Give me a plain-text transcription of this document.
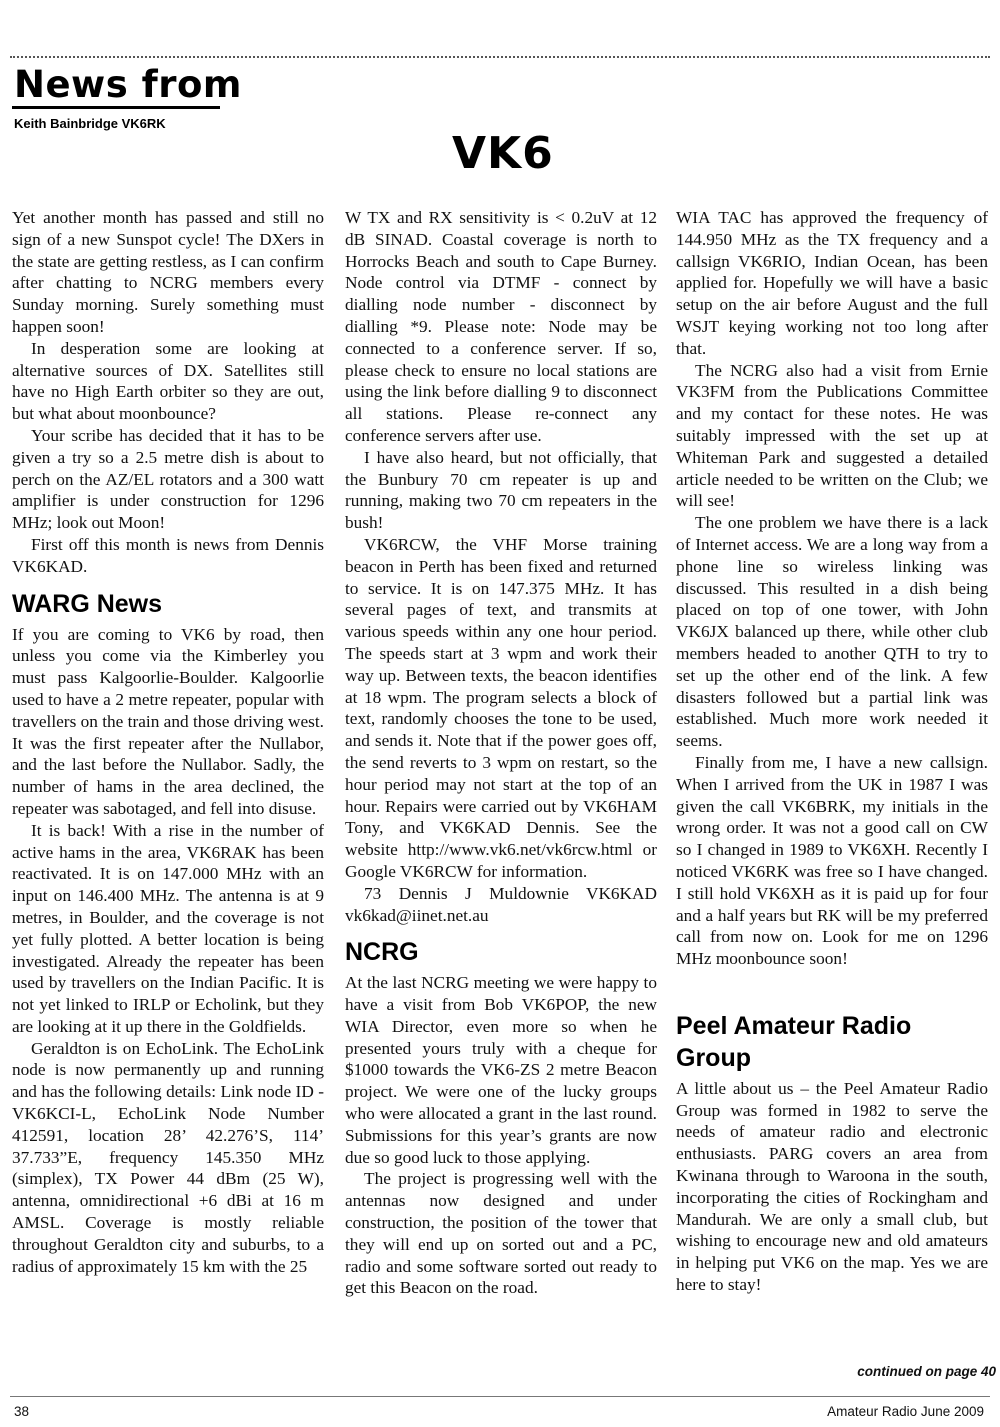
News from
Keith Bainbridge VK6RK
VK6

Yet another month has passed and still no sign of a new Sunspot cycle! The DXers in the state are getting restless, as I can confirm after chatting to NCRG members every Sunday morning. Surely something must happen soon!

In desperation some are looking at alternative sources of DX. Satellites still have no High Earth orbiter so they are out, but what about moonbounce?

Your scribe has decided that it has to be given a try so a 2.5 metre dish is about to perch on the AZ/EL rotators and a 300 watt amplifier is under construction for 1296 MHz; look out Moon!

First off this month is news from Dennis VK6KAD.

WARG News

If you are coming to VK6 by road, then unless you come via the Kimberley you must pass Kalgoorlie-Boulder. Kalgoorlie used to have a 2 metre repeater, popular with travellers on the train and those driving west. It was the first repeater after the Nullabor, and the last before the Nullabor. Sadly, the number of hams in the area declined, the repeater was sabotaged, and fell into disuse.

It is back! With a rise in the number of active hams in the area, VK6RAK has been reactivated. It is on 147.000 MHz with an input on 146.400 MHz. The antenna is at 9 metres, in Boulder, and the coverage is not yet fully plotted. A better location is being investigated. Already the repeater has been used by travellers on the Indian Pacific. It is not yet linked to IRLP or Echolink, but they are looking at it up there in the Goldfields.

Geraldton is on EchoLink. The EchoLink node is now permanently up and running and has the following details: Link node ID - VK6KCI-L, EchoLink Node Number 412591, location 28’ 42.276’S, 114’ 37.733”E, frequency 145.350 MHz (simplex), TX Power 44 dBm (25 W), antenna, omnidirectional +6 dBi at 16 m AMSL. Coverage is mostly reliable throughout Geraldton city and suburbs, to a radius of approximately 15 km with the 25

W TX and RX sensitivity is < 0.2uV at 12 dB SINAD. Coastal coverage is north to Horrocks Beach and south to Cape Burney. Node control via DTMF - connect by dialling node number - disconnect by dialling *9. Please note: Node may be connected to a conference server. If so, please check to ensure no local stations are using the link before dialling 9 to disconnect all stations. Please re-connect any conference servers after use.

I have also heard, but not officially, that the Bunbury 70 cm repeater is up and running, making two 70 cm repeaters in the bush!

VK6RCW, the VHF Morse training beacon in Perth has been fixed and returned to service. It is on 147.375 MHz. It has several pages of text, and transmits at various speeds within any one hour period. The speeds start at 3 wpm and work their way up. Between texts, the beacon identifies at 18 wpm. The program selects a block of text, randomly chooses the tone to be used, and sends it. Note that if the power goes off, the send reverts to 3 wpm on restart, so the hour period may not start at the top of an hour. Repairs were carried out by VK6HAM Tony, and VK6KAD Dennis. See the website http://www.vk6.net/vk6rcw.html or Google VK6RCW for information.

73 Dennis J Muldownie VK6KAD vk6kad@iinet.net.au

NCRG

At the last NCRG meeting we were happy to have a visit from Bob VK6POP, the new WIA Director, even more so when he presented yours truly with a cheque for $1000 towards the VK6-ZS 2 metre Beacon project. We were one of the lucky groups who were allocated a grant in the last round. Submissions for this year’s grants are now due so good luck to those applying.

The project is progressing well with the antennas now designed and under construction, the position of the tower that they will end up on sorted out and a PC, radio and some software sorted out ready to get this Beacon on the road.

WIA TAC has approved the frequency of 144.950 MHz as the TX frequency and a callsign VK6RIO, Indian Ocean, has been applied for. Hopefully we will have a basic setup on the air before August and the full WSJT keying working not too long after that.

The NCRG also had a visit from Ernie VK3FM from the Publications Committee and my contact for these notes. He was suitably impressed with the set up at Whiteman Park and suggested a detailed article needed to be written on the Club; we will see!

The one problem we have there is a lack of Internet access. We are a long way from a phone line so wireless linking was discussed. This resulted in a dish being placed on top of one tower, with John VK6JX balanced up there, while other club members headed to another QTH to try to set up the other end of the link. A few disasters followed but a partial link was established. Much more work needed it seems.

Finally from me, I have a new callsign. When I arrived from the UK in 1987 I was given the call VK6BRK, my initials in the wrong order. It was not a good call on CW so I changed in 1989 to VK6XH. Recently I noticed VK6RK was free so I have changed. I still hold VK6XH as it is paid up for four and a half years but RK will be my preferred call from now on. Look for me on 1296 MHz moonbounce soon!

Peel Amateur Radio Group

A little about us – the Peel Amateur Radio Group was formed in 1982 to serve the needs of amateur radio and electronic enthusiasts. PARG covers an area from Kwinana through to Waroona in the south, incorporating the cities of Rockingham and Mandurah. We are only a small club, but wishing to encourage new and old amateurs in helping put VK6 on the map. Yes we are here to stay!

continued on page 40
38	Amateur Radio June 2009
